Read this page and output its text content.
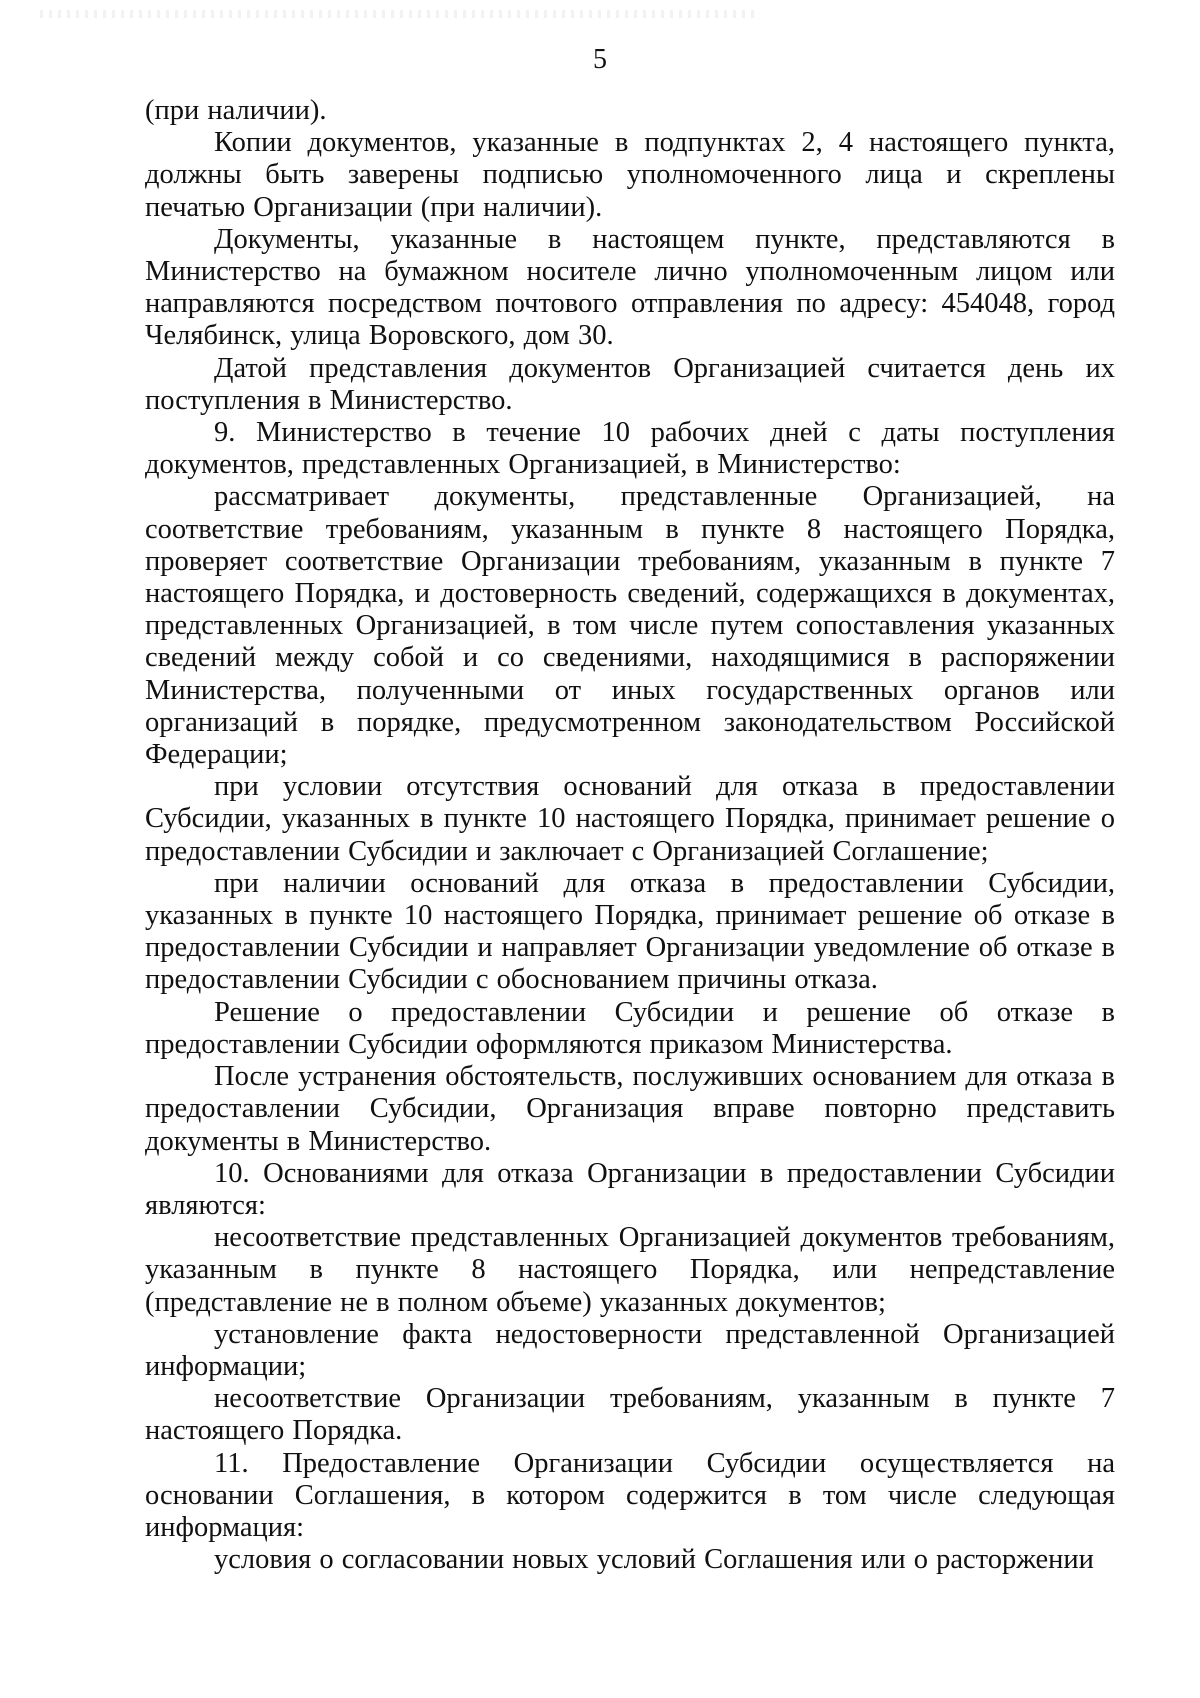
5

(при наличии).

Копии документов, указанные в подпунктах 2, 4 настоящего пункта, должны быть заверены подписью уполномоченного лица и скреплены печатью Организации (при наличии).

Документы, указанные в настоящем пункте, представляются в Министерство на бумажном носителе лично уполномоченным лицом или направляются посредством почтового отправления по адресу: 454048, город Челябинск, улица Воровского, дом 30.

Датой представления документов Организацией считается день их поступления в Министерство.

9. Министерство в течение 10 рабочих дней с даты поступления документов, представленных Организацией, в Министерство:

рассматривает документы, представленные Организацией, на соответствие требованиям, указанным в пункте 8 настоящего Порядка, проверяет соответствие Организации требованиям, указанным в пункте 7 настоящего Порядка, и достоверность сведений, содержащихся в документах, представленных Организацией, в том числе путем сопоставления указанных сведений между собой и со сведениями, находящимися в распоряжении Министерства, полученными от иных государственных органов или организаций в порядке, предусмотренном законодательством Российской Федерации;

при условии отсутствия оснований для отказа в предоставлении Субсидии, указанных в пункте 10 настоящего Порядка, принимает решение о предоставлении Субсидии и заключает с Организацией Соглашение;

при наличии оснований для отказа в предоставлении Субсидии, указанных в пункте 10 настоящего Порядка, принимает решение об отказе в предоставлении Субсидии и направляет Организации уведомление об отказе в предоставлении Субсидии с обоснованием причины отказа.

Решение о предоставлении Субсидии и решение об отказе в предоставлении Субсидии оформляются приказом Министерства.

После устранения обстоятельств, послуживших основанием для отказа в предоставлении Субсидии, Организация вправе повторно представить документы в Министерство.

10. Основаниями для отказа Организации в предоставлении Субсидии являются:

несоответствие представленных Организацией документов требованиям, указанным в пункте 8 настоящего Порядка, или непредставление (представление не в полном объеме) указанных документов;

установление факта недостоверности представленной Организацией информации;

несоответствие Организации требованиям, указанным в пункте 7 настоящего Порядка.

11. Предоставление Организации Субсидии осуществляется на основании Соглашения, в котором содержится в том числе следующая информация:

условия о согласовании новых условий Соглашения или о расторжении
